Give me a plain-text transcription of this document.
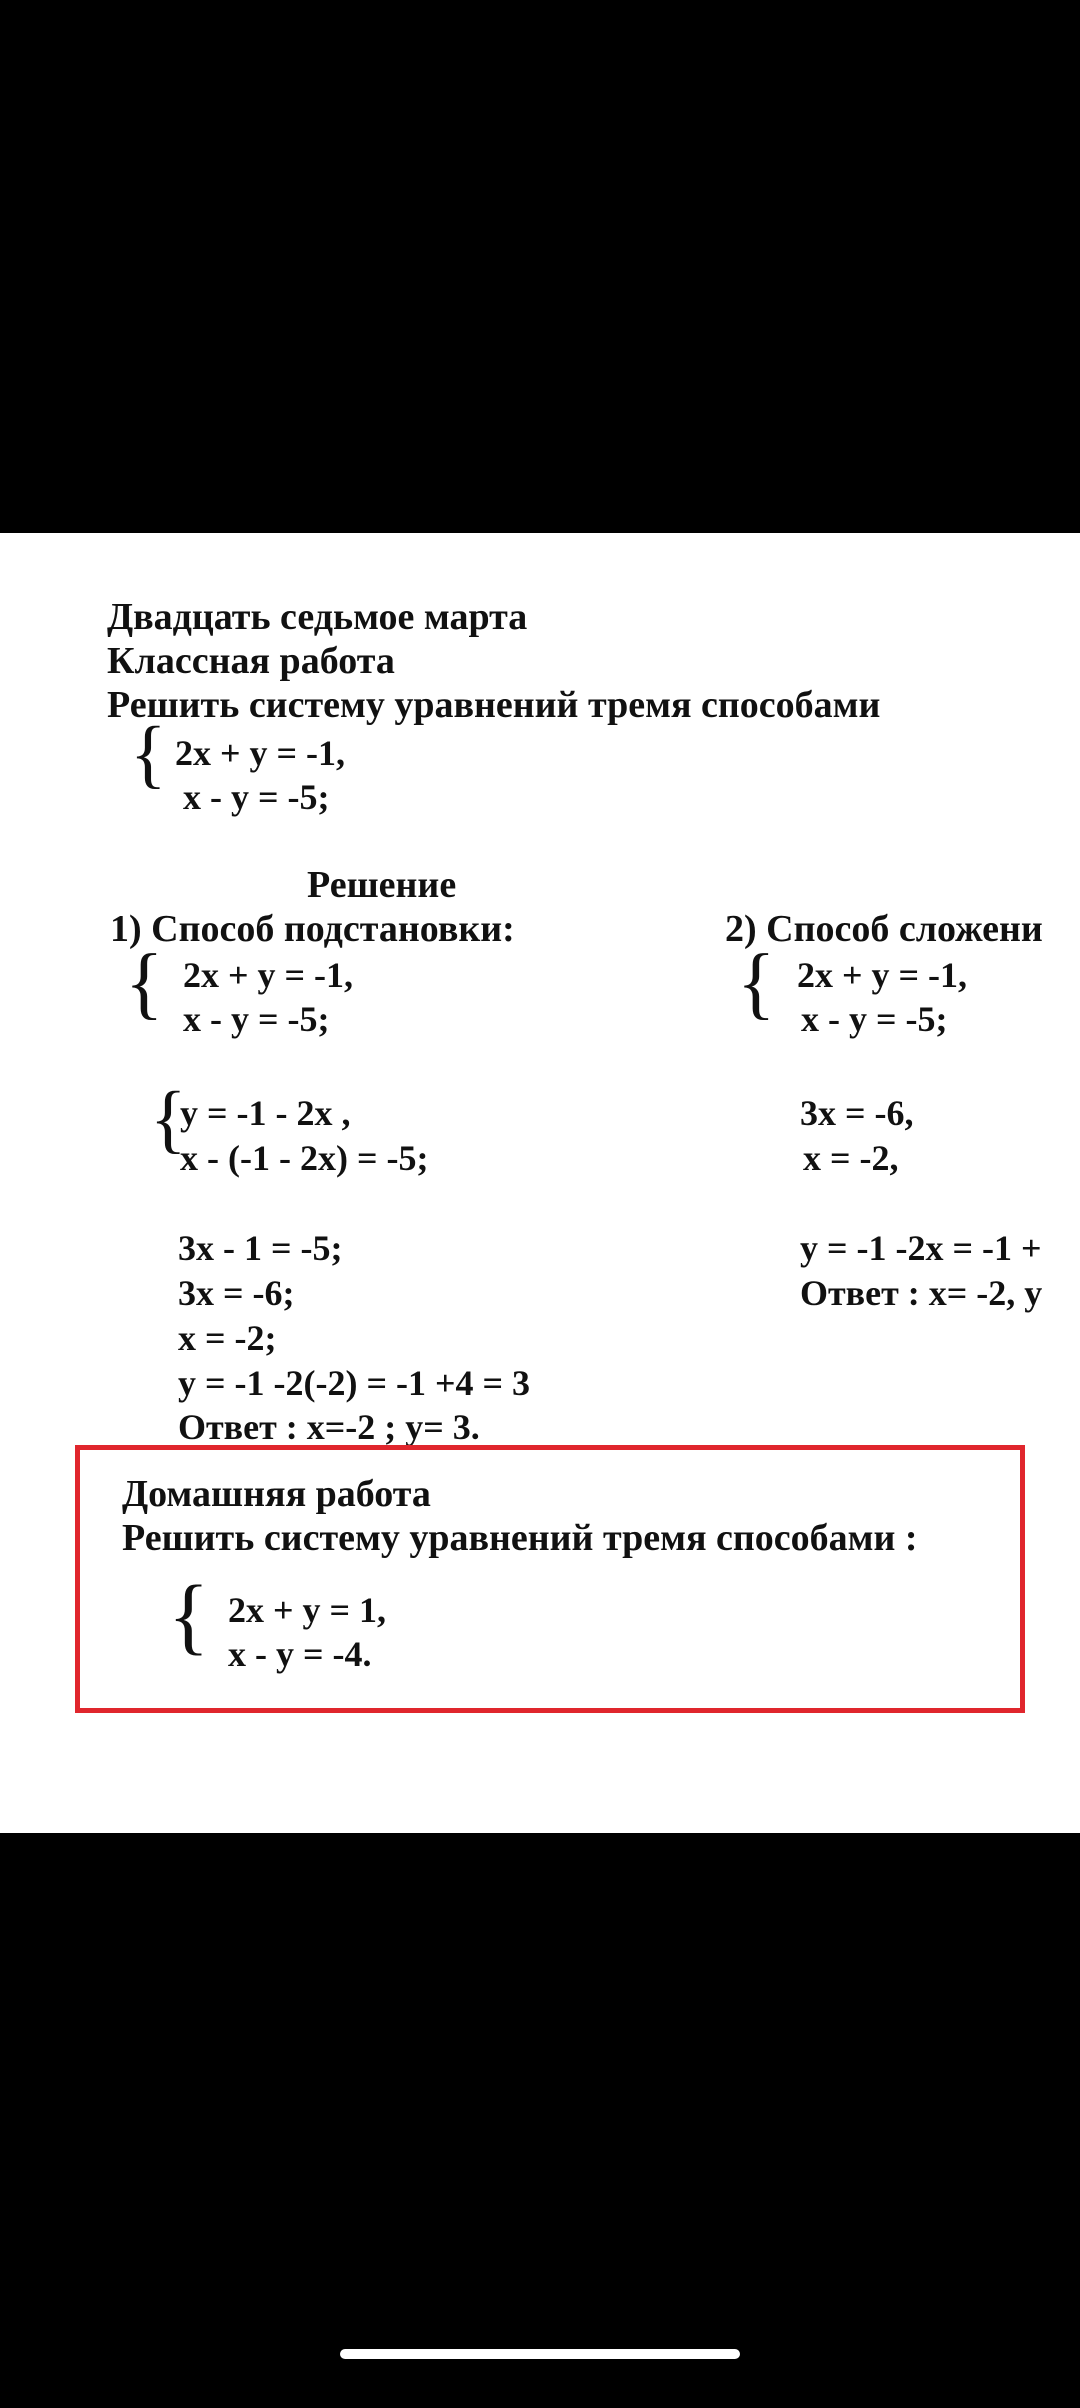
Двадцать седьмое марта
Классная работа
Решить систему уравнений тремя способами
{ 2x + y = -1,
x - y = -5;
Решение
1) Способ подстановки:
{ 2x + y = -1,
x - y = -5;
{
y = -1 - 2x ,
x - (-1 - 2x) = -5;
3x - 1 = -5;
3x = -6;
x = -2;
y = -1 -2(-2) = -1 +4 = 3
Ответ : x=-2 ; y= 3.
2) Способ сложени
{ 2x + y = -1,
x - y = -5;
3x = -6,
x = -2,
y = -1 -2x = -1 +
Ответ : x= -2, y
Домашняя работа
Решить систему уравнений тремя способами :
{ 2x + y = 1,
x - y = -4.
